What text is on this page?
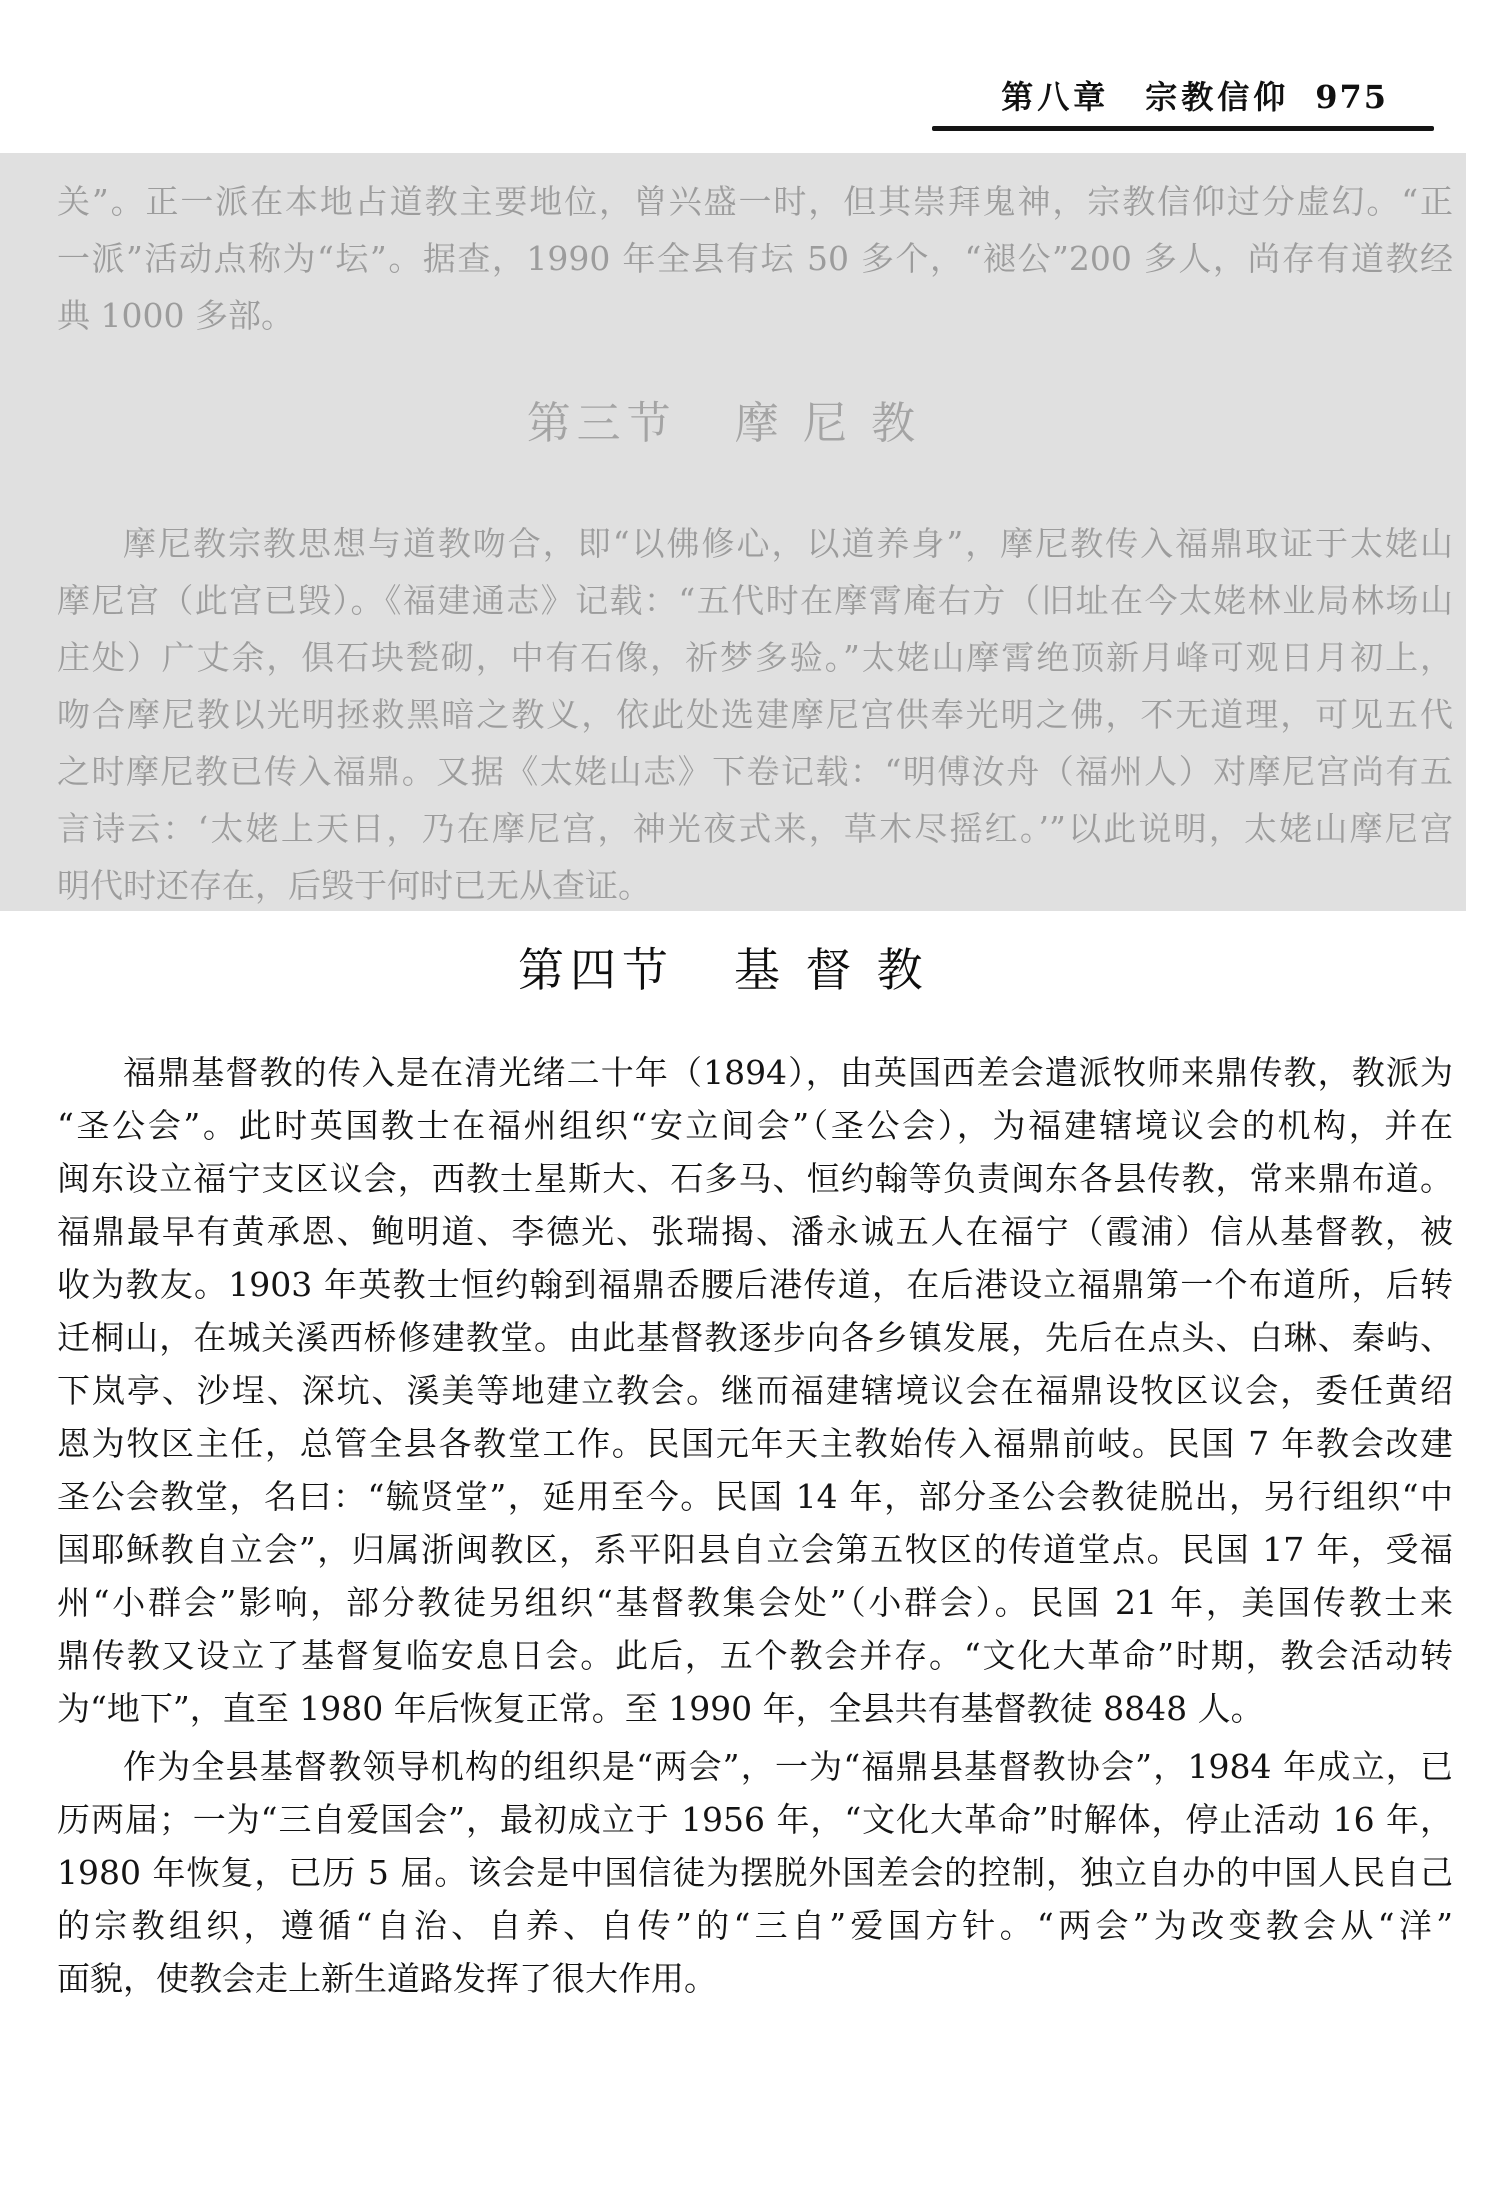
第八章　宗教信仰 975
关”。正一派在本地占道教主要地位，曾兴盛一时，但其崇拜鬼神，宗教信仰过分虚幻。“正
一派”活动点称为“坛”。据查，1990 年全县有坛 50 多个，“褪公”200 多人，尚存有道教经
典 1000 多部。
第三节 摩尼教
摩尼教宗教思想与道教吻合，即“以佛修心，以道养身”，摩尼教传入福鼎取证于太姥山
摩尼宫（此宫已毁）。《福建通志》记载：“五代时在摩霄庵右方（旧址在今太姥林业局林场山
庄处）广丈余，俱石块甃砌，中有石像，祈梦多验。”太姥山摩霄绝顶新月峰可观日月初上，
吻合摩尼教以光明拯救黑暗之教义，依此处选建摩尼宫供奉光明之佛，不无道理，可见五代
之时摩尼教已传入福鼎。又据《太姥山志》下卷记载：“明傅汝舟（福州人）对摩尼宫尚有五
言诗云：‘太姥上天日，乃在摩尼宫，神光夜式来，草木尽摇红。’”以此说明，太姥山摩尼宫
明代时还存在，后毁于何时已无从查证。
第四节 基督教
福鼎基督教的传入是在清光绪二十年（1894），由英国西差会遣派牧师来鼎传教，教派为
“圣公会”。此时英国教士在福州组织“安立间会”（圣公会），为福建辖境议会的机构，并在
闽东设立福宁支区议会，西教士星斯大、石多马、恒约翰等负责闽东各县传教，常来鼎布道。
福鼎最早有黄承恩、鲍明道、李德光、张瑞揭、潘永诚五人在福宁（霞浦）信从基督教，被
收为教友。1903 年英教士恒约翰到福鼎岙腰后港传道，在后港设立福鼎第一个布道所，后转
迁桐山，在城关溪西桥修建教堂。由此基督教逐步向各乡镇发展，先后在点头、白琳、秦屿、
下岚亭、沙埕、深坑、溪美等地建立教会。继而福建辖境议会在福鼎设牧区议会，委任黄绍
恩为牧区主任，总管全县各教堂工作。民国元年天主教始传入福鼎前岐。民国 7 年教会改建
圣公会教堂，名曰：“毓贤堂”，延用至今。民国 14 年，部分圣公会教徒脱出，另行组织“中
国耶稣教自立会”，归属浙闽教区，系平阳县自立会第五牧区的传道堂点。民国 17 年，受福
州“小群会”影响，部分教徒另组织“基督教集会处”（小群会）。民国 21 年，美国传教士来
鼎传教又设立了基督复临安息日会。此后，五个教会并存。“文化大革命”时期，教会活动转
为“地下”，直至 1980 年后恢复正常。至 1990 年，全县共有基督教徒 8848 人。
作为全县基督教领导机构的组织是“两会”，一为“福鼎县基督教协会”，1984 年成立，已
历两届；一为“三自爱国会”，最初成立于 1956 年，“文化大革命”时解体，停止活动 16 年，
1980 年恢复，已历 5 届。该会是中国信徒为摆脱外国差会的控制，独立自办的中国人民自己
的宗教组织，遵循“自治、自养、自传”的“三自”爱国方针。“两会”为改变教会从“洋”
面貌，使教会走上新生道路发挥了很大作用。
